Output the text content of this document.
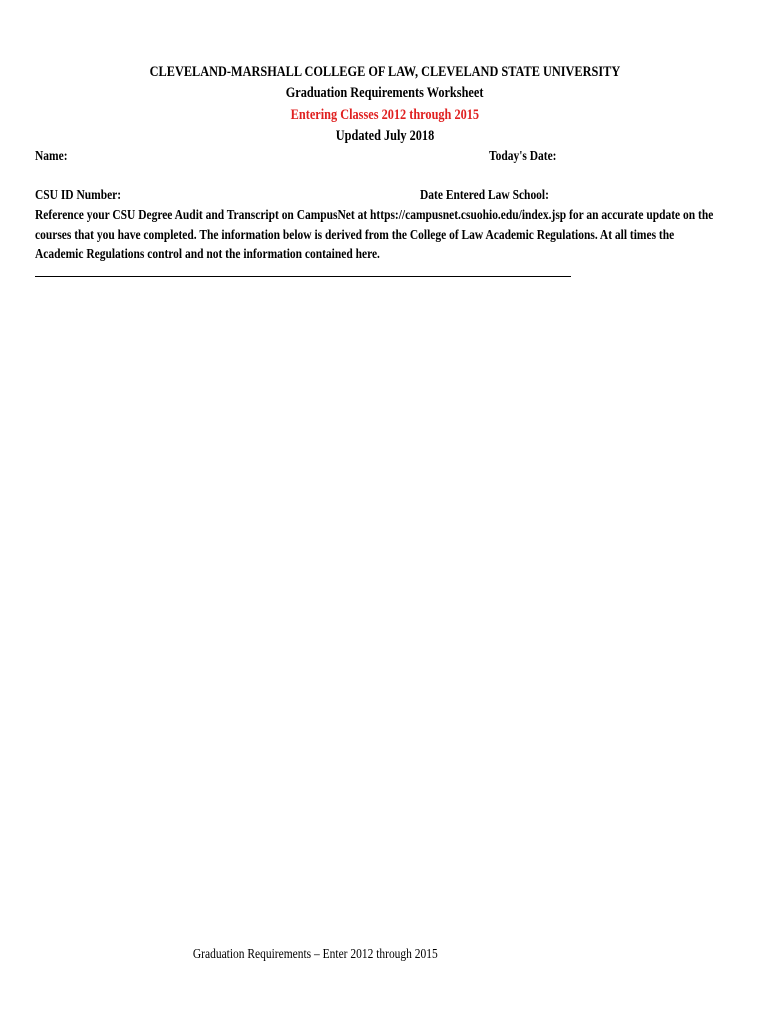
CLEVELAND-MARSHALL COLLEGE OF LAW, CLEVELAND STATE UNIVERSITY
Graduation Requirements Worksheet
Entering Classes 2012 through 2015
Updated July 2018
Name:	Today's Date:
CSU ID Number:	Date Entered Law School:
Reference your CSU Degree Audit and Transcript on CampusNet at https://campusnet.csuohio.edu/index.jsp for an accurate update on the courses that you have completed. The information below is derived from the College of Law Academic Regulations. At all times the Academic Regulations control and not the information contained here.
Graduation Requirements – Enter 2012 through 2015
